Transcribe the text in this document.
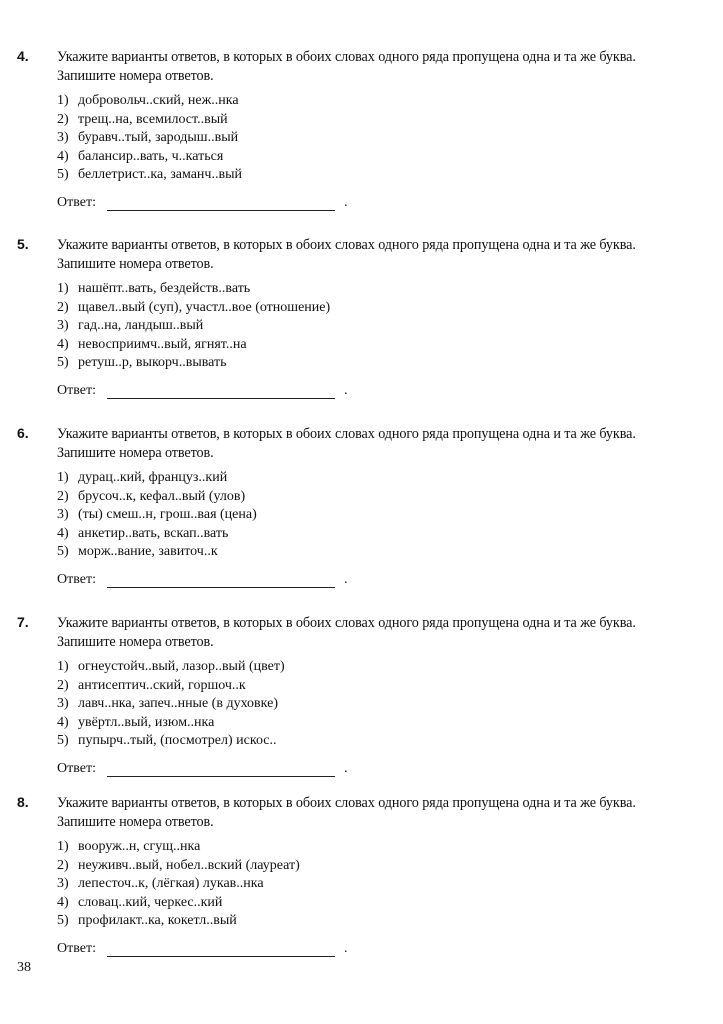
4. Укажите варианты ответов, в которых в обоих словах одного ряда пропущена одна и та же буква. Запишите номера ответов.
1) добровольч..ский, неж..нка
2) трещ..на, всемилост..вый
3) буравч..тый, зародыш..вый
4) балансир..вать, ч..каться
5) беллетрист..ка, заманч..вый
Ответ:	.
5. Укажите варианты ответов, в которых в обоих словах одного ряда пропущена одна и та же буква. Запишите номера ответов.
1) нашёпт..вать, бездейств..вать
2) щавел..вый (суп), участл..вое (отношение)
3) гад..на, ландыш..вый
4) невосприимч..вый, ягнят..на
5) ретуш..р, выкорч..вывать
Ответ:	.
6. Укажите варианты ответов, в которых в обоих словах одного ряда пропущена одна и та же буква. Запишите номера ответов.
1) дурац..кий, француз..кий
2) брусоч..к, кефал..вый (улов)
3) (ты) смеш..н, грош..вая (цена)
4) анкетир..вать, вскап..вать
5) морж..вание, завиточ..к
Ответ:	.
7. Укажите варианты ответов, в которых в обоих словах одного ряда пропущена одна и та же буква. Запишите номера ответов.
1) огнеустойч..вый, лазор..вый (цвет)
2) антисептич..ский, горшоч..к
3) лавч..нка, запеч..нные (в духовке)
4) увёртл..вый, изюм..нка
5) пупырч..тый, (посмотрел) искос..
Ответ:	.
8. Укажите варианты ответов, в которых в обоих словах одного ряда пропущена одна и та же буква. Запишите номера ответов.
1) вооруж..н, сгущ..нка
2) неуживч..вый, нобел..вский (лауреат)
3) лепесточ..к, (лёгкая) лукав..нка
4) словац..кий, черкес..кий
5) профилакт..ка, кокетл..вый
Ответ:	.
38
